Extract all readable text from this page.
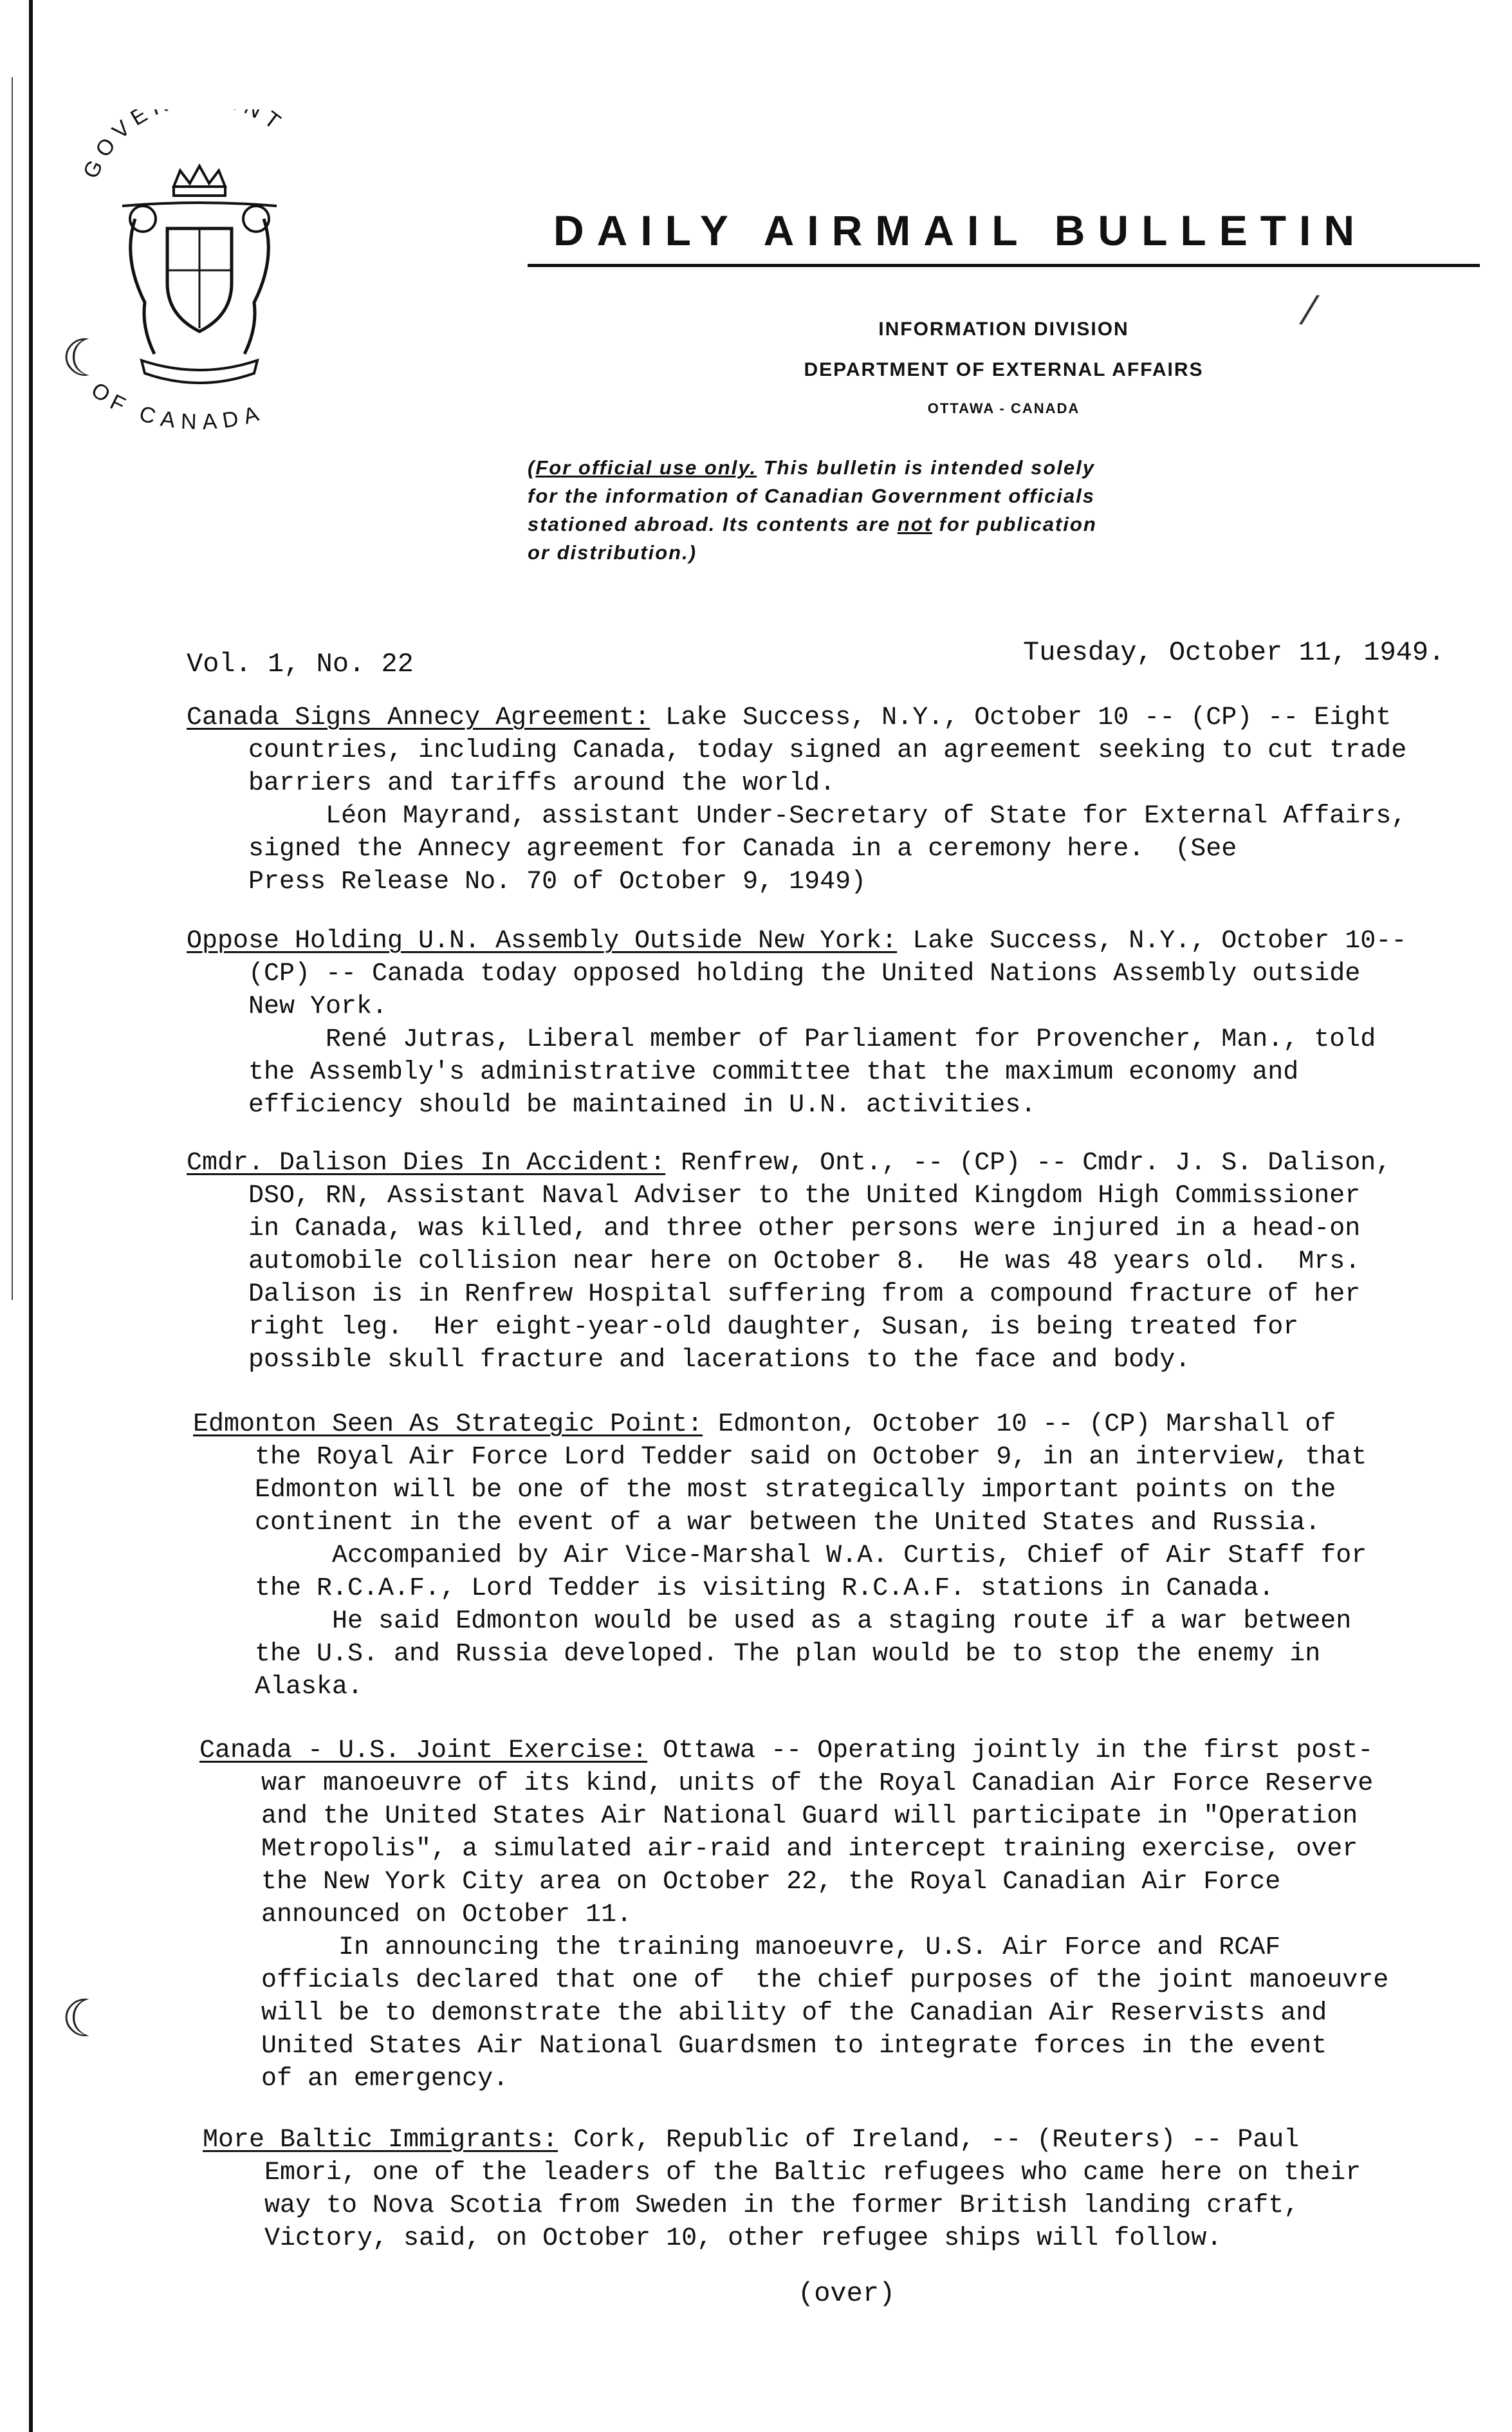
☾
☾
OVE NT
OF CANADA
DAILY AIRMAIL BULLETIN
INFORMATION DIVISION
DEPARTMENT OF EXTERNAL AFFAIRS
OTTAWA - CANADA
⁄
(For official use only. This bulletin is intended solely
for the information of Canadian Government officials
stationed abroad. Its contents are not for publication
or distribution.)
Vol. 1, No. 22	Tuesday, October 11, 1949.

Canada Signs Annecy Agreement: Lake Success, N.Y., October 10 -- (CP) -- Eight

countries, including Canada, today signed an agreement seeking to cut trade

barriers and tariffs around the world.

Léon Mayrand, assistant Under-Secretary of State for External Affairs,

signed the Annecy agreement for Canada in a ceremony here.  (See

Press Release No. 70 of October 9, 1949)

Oppose Holding U.N. Assembly Outside New York: Lake Success, N.Y., October 10--

(CP) -- Canada today opposed holding the United Nations Assembly outside

New York.

René Jutras, Liberal member of Parliament for Provencher, Man., told

the Assembly's administrative committee that the maximum economy and

efficiency should be maintained in U.N. activities.

Cmdr. Dalison Dies In Accident: Renfrew, Ont., -- (CP) -- Cmdr. J. S. Dalison,

DSO, RN, Assistant Naval Adviser to the United Kingdom High Commissioner

in Canada, was killed, and three other persons were injured in a head-on

automobile collision near here on October 8.  He was 48 years old.  Mrs.

Dalison is in Renfrew Hospital suffering from a compound fracture of her

right leg.  Her eight-year-old daughter, Susan, is being treated for

possible skull fracture and lacerations to the face and body.

Edmonton Seen As Strategic Point: Edmonton, October 10 -- (CP) Marshall of

the Royal Air Force Lord Tedder said on October 9, in an interview, that

Edmonton will be one of the most strategically important points on the

continent in the event of a war between the United States and Russia.

Accompanied by Air Vice-Marshal W.A. Curtis, Chief of Air Staff for

the R.C.A.F., Lord Tedder is visiting R.C.A.F. stations in Canada.

He said Edmonton would be used as a staging route if a war between

the U.S. and Russia developed. The plan would be to stop the enemy in

Alaska.

Canada - U.S. Joint Exercise: Ottawa -- Operating jointly in the first post-

war manoeuvre of its kind, units of the Royal Canadian Air Force Reserve

and the United States Air National Guard will participate in "Operation

Metropolis", a simulated air-raid and intercept training exercise, over

the New York City area on October 22, the Royal Canadian Air Force

announced on October 11.

In announcing the training manoeuvre, U.S. Air Force and RCAF

officials declared that one of  the chief purposes of the joint manoeuvre

will be to demonstrate the ability of the Canadian Air Reservists and

United States Air National Guardsmen to integrate forces in the event

of an emergency.

More Baltic Immigrants: Cork, Republic of Ireland, -- (Reuters) -- Paul

Emori, one of the leaders of the Baltic refugees who came here on their

way to Nova Scotia from Sweden in the former British landing craft,

Victory, said, on October 10, other refugee ships will follow.

(over)
